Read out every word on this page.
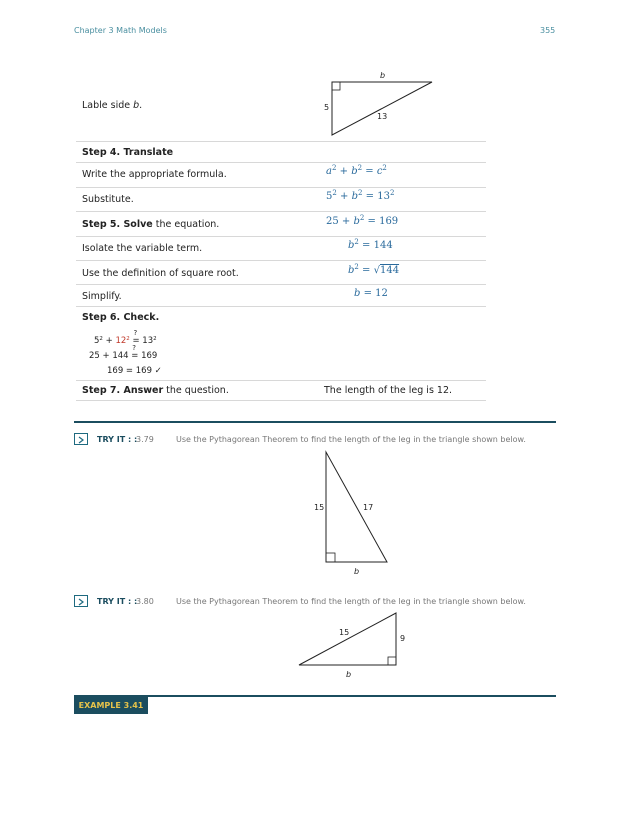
Chapter 3 Math Models	355
Lable side b.
b
5
13
Step 4. Translate
Write the appropriate formula.	$a^2 + b^2 = c^2$
Substitute.	$5^2 + b^2 = 13^2$
Step 5. Solve the equation.	$25 + b^2 = 169$
Isolate the variable term.	$b^2 = 144$
Use the definition of square root.	$b^2 = √144$
Simplify.	b = 12
Step 6. Check.
$5^2 + 12^2$
?
= $13^2$
25 + 144
?
= 169
169 = 169 ✓
Step 7. Answer the question.	The length of the leg is 12.
TRY IT : :
3.79	Use the Pythagorean Theorem to find the length of the leg in the triangle shown below.
15	17
b
TRY IT : :
3.80	Use the Pythagorean Theorem to find the length of the leg in the triangle shown below.
15
9
b
EXAMPLE 3.41
